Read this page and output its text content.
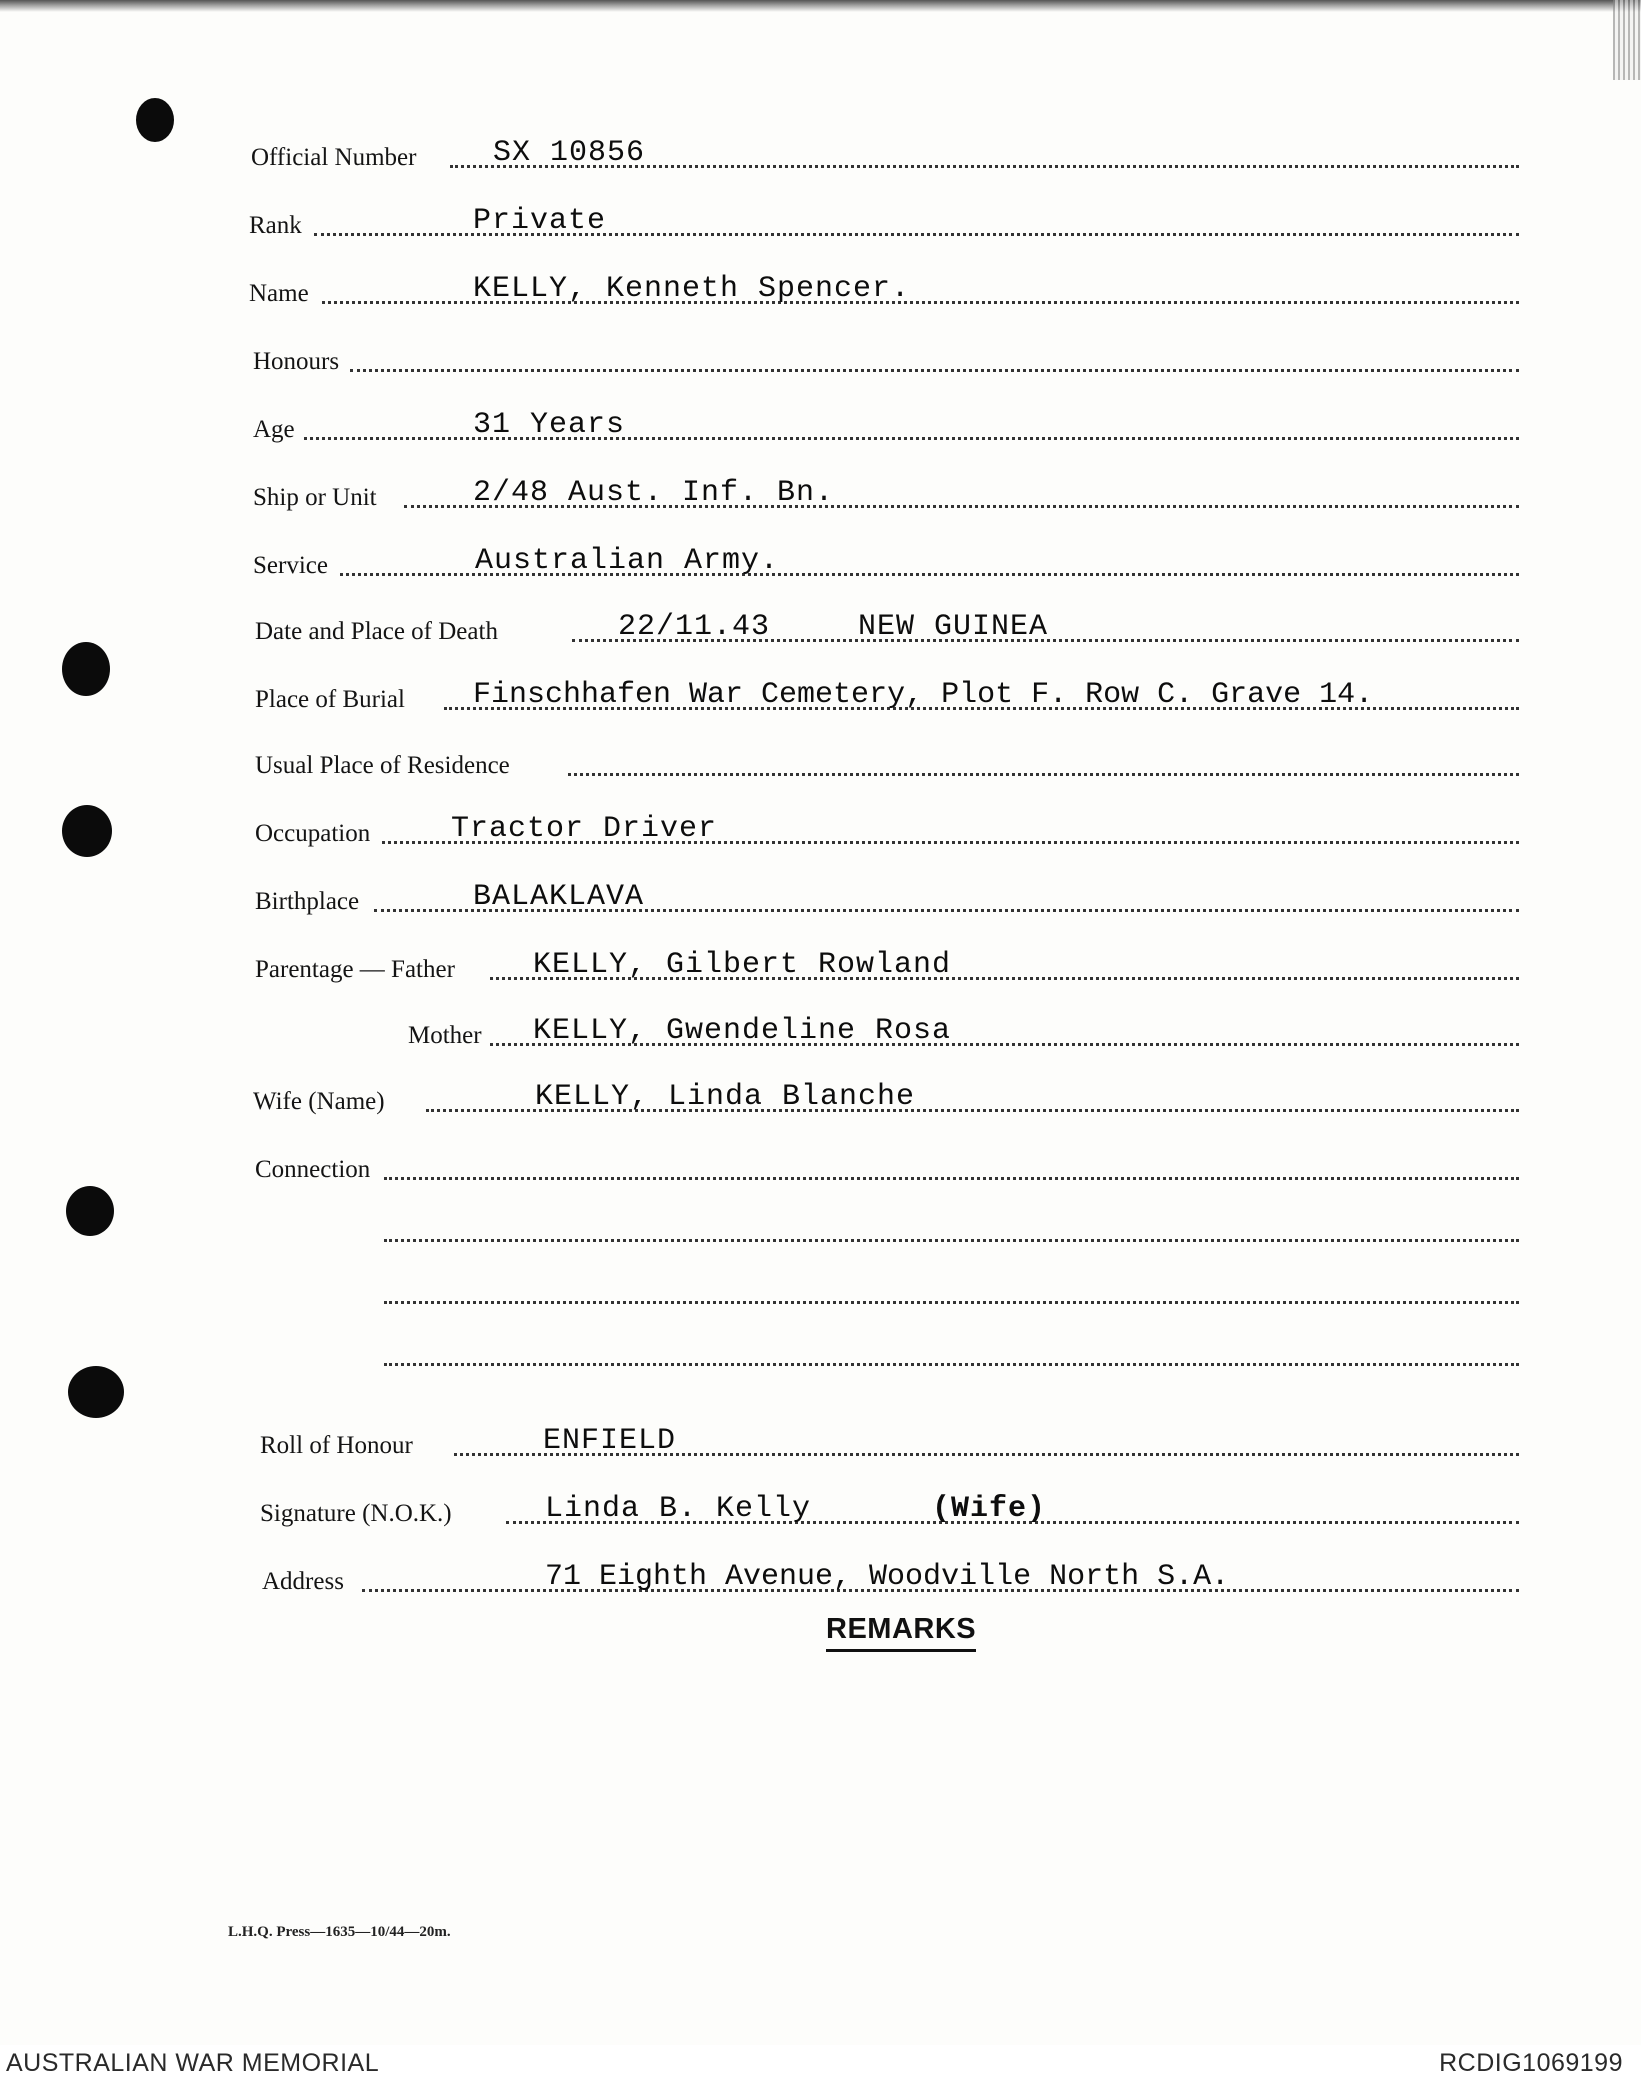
Official Number	SX 10856
Rank	Private
Name	KELLY, Kenneth Spencer.
Honours
Age	31 Years
Ship or Unit	2/48 Aust. Inf. Bn.
Service	Australian Army.
Date and Place of Death	22/11.43	NEW GUINEA
Place of Burial Finschhafen War Cemetery, Plot F. Row C. Grave 14.
Usual Place of Residence
Occupation	Tractor Driver
Birthplace	BALAKLAVA
Parentage — Father	KELLY, Gilbert Rowland
Mother KELLY, Gwendeline Rosa
Wife (Name)	KELLY, Linda Blanche
Connection
Roll of Honour	ENFIELD
Signature (N.O.K.)	Linda B. Kelly	(Wife)
Address	71 Eighth Avenue, Woodville North S.A.
REMARKS
L.H.Q. Press—1635—10/44—20m.
AUSTRALIAN WAR MEMORIAL	RCDIG1069199
